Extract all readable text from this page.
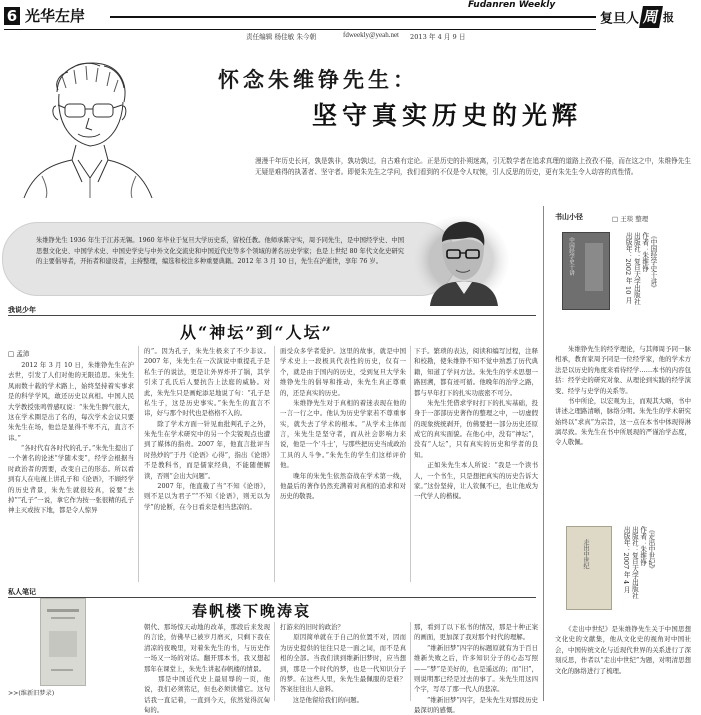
6 光华左岸
Fudanren Weekly
责任编辑 杨佳敏 朱今朝	fdweekly@yeah.net 2013 年 4 月 9 日
复旦人 周 报
怀念朱维铮先生：
坚守真实历史的光辉
漫漫千年历史长河，孰是孰非，孰功孰过，自古难有定论。正是历史的扑朔迷离，引无数学者在追求真理的道路上孜孜不倦，而在这之中，朱维铮先生无疑是难得的执著者、坚守者。即便朱先生之学问，我们看到的不仅是令人叹惋，引人反思的历史，更有朱先生令人动容的真性情。
朱维铮先生 1936 年生于江苏无锡。1960 年毕业于复旦大学历史系，留校任教。他师承陈守实，周予同先生，是中国经学史、中国思想文化史、中国学术史、中国史学史与中外文化交流史和中国近代史等多个领域的著名历史学家；也是上世纪 80 年代文化史研究的主要倡导者，开拓者和建设者，主持整理，编选和校注多种重要典籍。2012 年 3 月 10 日，先生在沪逝世，享年 76 岁。
我说少年
从“神坛”到“人坛”
□ 孟沛
　　2012 年 3 月 10 日，朱维铮先生在沪去世，引发了人们对他的无限追思。朱先生凤雨数十载的学术路上，始终坚持着实事求是的科学学风，敢还历史以真相。中国人民大学教授张鸣曾感叹说：“朱先生脾气很大，这在学术圈是出了名的，每次学术会议只要朱先生在场，他总是显得不卑不亢，直言不讳。”
　　“各时代有各时代的孔子。”朱先生提出了一个著名的论述“学随术变”，经学会根据当时政治者的需要，改变自己的形态。所以看到有人在电视上讲孔子和《论语》，不顾经学的历史背景，朱先生就很较真，说要“去掉”“孔子”一说，拿它作为按一张很精的孔子神主灭或按下地，都是令人惊异
的”。因为孔子，朱先生极来了不少非议。2007 年，朱先生在一次演说中重提孔子是私生子的说法，更是让外界炸开了锅，其学引来了孔氏后人要抗告上法庭的威胁。对此，朱先生只是画蛇添足地说了句：“孔子是私生子，这是历史事实。”朱先生的直言不讳，好与那个时代也是格格不入的。
　　除了学术方面一针见血批判孔子之外，朱先生在学术研究中的另一个尖锐观点也遭到了媒体的指责。2007 年，他直言批评当时热炒的“于丹《论语》心得”，指出《论语》不是教科书，而是儒家经典，不能随便解读，否则“会出大问题”。
　　2007 年，他直截了当“不知《论语》，则不足以为君子”“不知《论语》，则无以为学”的论断，在今日看来是相当悲凉的。
面受众多学者爱护。这里的故事，就是中国学术史上一段极具代表性的历史，仅有一个，就是由于国内的历史，受到复旦大学朱维铮先生的倡导和推动，朱先生真正尊重的，还是真实的历史。
　　朱维铮先生对于真相的着迷表现在他的一言一行之中。他认为历史学家若不尊重事实，就失去了学术的根本。“从学术主体而言，朱先生是坚守者，而从社会影响力来说，他是一个‘斗士’，与那些把历史当成政治工具的人斗争。”朱先生的学生们这样评价他。
　　晚年的朱先生依然奋战在学术第一线，他最后的著作仍然充满着对真相的追求和对历史的敬畏。
下手。繁琐的表达，阅读和编写过程，注释和校勘，使朱维铮不知不觉中熟悉了历代典籍，知道了学问方法。朱先生的学术思想一路回溯，都有迹可循。他晚年的治学之路，都与早年打下的扎实功底密不可分。
　　朱先生凭借求学时打下的扎实基础，投身于一部部历史著作的整理之中，一切虚假的现象统统剥开，仿佛要把一部分历史还原成它的真实面貌。在他心中，没有“神坛”，没有“人坛”，只有真实的历史和学者的良知。
　　正如朱先生本人所说：“我是一个读书人，一个书生，只是想把真实的历史告诉大家。”这份坚持，让人钦佩不已，也让他成为一代学人的楷模。
私人笔记
春帆楼下晚涛哀
>>(维新旧梦录)
朝代、那场惊天动地的改革，那段后来发现的言论，仿佛早已被岁月磨灭，只剩下我在清凉的夜晚里，对着朱先生的书，与历史作一场又一场的对话。翻开那本书，我又想起那年在课堂上，朱先生讲起春帆楼的情景。
　　那是中国近代史上最屈辱的一页，他说，我们必须铭记，但也必须读懂它。这句话我一直记着，一直到今天，依然觉得沉甸甸的。
打游来的旧时的政治？
　　原因简单就在于自己的位置不对，因而为历史提供的往往只是一面之词，而不是真相的全部。当我们读到维新旧梦时，应当想到，那是一个时代的梦，也是一代知识分子的梦。在这些人里，朱先生最佩服的是谁？答案往往出人意料。
　　这是他留给我们的问题。
那，看到了以下私书的情况，那是十种正案的画面，更加深了我对那个时代的理解。
　　“维新旧梦”四字的标题原就有为于百日维新失败之后，许多知识分子的心态写照——“梦”是美好的，也是遥远的；而“旧”，则说明那已经是过去的事了。朱先生用这四个字，写尽了那一代人的悲凉。
　　“维新旧梦”四字，是朱先生对那段历史最深切的感慨。
书山小径	□ 王琰 整理
中国经学史十讲	《中国经学史十讲》
作者：朱维铮
出版社：复旦大学出版社
出版年：2002 年 10 月
　　朱维铮先生的经学理论，与其师周予同一脉相承，教育家周予同是一位经学家，他的学术方法是以历史的角度来看待经学……本书的内容包括：经学史的研究对象、从理论到实践的经学演变、经学与史学的关系等。
　　书中所论，以宏观为主，而观其大略，书中讲述之理路清晰，脉络分明。朱先生的学术研究始终以“求真”为宗旨，这一点在本书中体现得淋漓尽致。朱先生在书中所展现的严谨治学态度，令人敬佩。
走出中世纪	《走出中世纪》
作者：朱维铮
出版社：复旦大学出版社
出版年：2007 年 4 月
　　《走出中世纪》是朱维铮先生关于中国思想文化史的文献集，他从文化史的视角对中国社会，中国传统文化与近现代世界的关系进行了深刻反思，作者以“走出中世纪”为题，对明清思想文化的脉络进行了梳理。
